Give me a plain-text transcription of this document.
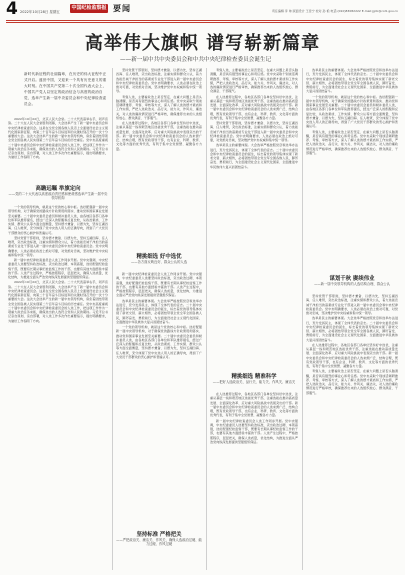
4 2022年10月28日 星期五
中国纪检监察报 要闻	责任编辑 李 帅 版面设计 王佳宁 校对 孙 艳 电话:(010)83082222 E-mail:jjjcb@ccdi.gov.cn
高举伟大旗帜 谱写崭新篇章
——新一届中共中央委员会和中共中央纪律检查委员会诞生记
新时代新征程的壮丽篇章，在历史的伟大征程中正式开启。盛世中国，又迎来一个具有历史意义的重大时刻。在中国共产党第二十次全国代表大会上，中国共产党人以坚定的政治信念与高度的政治自觉，选举产生新一届中央委员会和中央纪律检查委员会。
高瞻远瞩 举旗定向
——党的二十大代表以高度政治责任感和使命感选举产生新一届中央领导机构

2022年10月22日，北京人民大会堂。二十大代表高举右手，同声宣誓。二十大在人民大会堂胜利闭幕，大会选举产生了新一届中央委员会和中央纪律检查委员会。这是在全党全国各族人民迈上全面建设社会主义现代化国家新征程、向第二个百年奋斗目标进军的关键时刻召开的一次十分重要的大会。这次大会选举产生的新一届中央领导机构，肩负着团结带领全党全国各族人民实现第二个百年奋斗目标的历史重任。党中央高度重视二十届中央委员会和中央纪律检查委员会的人选工作，把这项工作作为一项重大政治任务来抓，确保选出的人选符合党和人民的期待。习近平总书记亲自谋划、亲自部署，对人选工作多次作出重要指示，提出明确要求，为做好工作指明了方向。

一个党的领导机构，就是这个党的核心和中枢。选好配强新一届中央领导机构，对于确保党的路线方针政策贯彻落实、推动党和国家事业发展至关重要。二十届中央委员会委员和候补委员人选，由各地区各部门各单位和军队推荐提名，经过广泛深入的酝酿和反复比较，从政治素质、工作实绩、群众公认等方面全面衡量，坚持德才兼备、以德为先，坚持五湖四海、任人唯贤，充分体现了党中央选人用人的正确导向，得到了广大党员干部群众的衷心拥护和普遍认可。

坚持党管干部原则，坚持德才兼备、以德为先，坚持五湖四海、任人唯贤，突出政治标准，注重实绩和群众公认，着力选拔忠诚干净担当的高素质专业化干部进入新一届中央委员会和中央纪律检查委员会。党中央明确要求，人选必须在政治上绝对可靠，对党绝对忠诚，坚决维护党中央权威和集中统一领导。

新一届中央纪律检查委员会人选工作同步开展。党中央强调，中央纪委委员人选要坚持政治标准，突出政治过硬、本领高强，选好配强纪检监察干部，既要有长期从事纪检监察工作的干部，也要有其他方面经验丰富的干部。人选产生过程中，严格按照程序，层层把关，确保人选质量，优化结构，为推进全面从严治党向纵深发展提供坚强组织保证。

2022年10月22日，北京人民大会堂。二十大代表高举右手，同声宣誓。二十大在人民大会堂胜利闭幕，大会选举产生了新一届中央委员会和中央纪律检查委员会。这是在全党全国各族人民迈上全面建设社会主义现代化国家新征程、向第二个百年奋斗目标进军的关键时刻召开的一次十分重要的大会。这次大会选举产生的新一届中央领导机构，肩负着团结带领全党全国各族人民实现第二个百年奋斗目标的历史重任。党中央高度重视二十届中央委员会和中央纪律检查委员会的人选工作，把这项工作作为一项重大政治任务来抓，确保选出的人选符合党和人民的期待。习近平总书记亲自谋划、亲自部署，对人选工作多次作出重要指示，提出明确要求，为做好工作指明了方向。

坚持党管干部原则，坚持德才兼备、以德为先，坚持五湖四海、任人唯贤，突出政治标准，注重实绩和群众公认，着力选拔忠诚干净担当的高素质专业化干部进入新一届中央委员会和中央纪律检查委员会。党中央明确要求，人选必须在政治上绝对可靠，对党绝对忠诚，坚决维护党中央权威和集中统一领导。

考察人选，主要看政治上是否坚定、在重大问题上是否头脑清醒，是否具有强烈的事业心和责任感。党中央采取个别谈话调研推荐、考察、审核等方式，深入了解人选的德才素质和工作实绩，严把人选政治关、品行关、能力关、作风关、廉洁关，对人选的廉政情况进行严格审核，确保推荐出来的人选组织放心、群众满意、干部服气。

在人选推荐过程中，各地区各部门各单位坚持好中选优，注重从基层一线和艰苦地区选拔优秀干部，注重选拔在推动高质量发展、全面深化改革、应对重大风险挑战中表现突出的干部。新一届中央委员会和中央纪律检查委员会的人选来源广泛、结构合理，既有党政领导干部，也有企业、科研、教育、文化等方面的优秀代表，有利于集中全党智慧、凝聚各方力量。

精挑细选 好中选优
——各方面反映良好、群众公认的人选

新一届中央纪律检查委员会人选工作同步开展。党中央强调，中央纪委委员人选要坚持政治标准，突出政治过硬、本领高强，选好配强纪检监察干部，既要有长期从事纪检监察工作的干部，也要有其他方面经验丰富的干部。人选产生过程中，严格按照程序，层层把关，确保人选质量，优化结构，为推进全面从严治党向纵深发展提供坚强组织保证。

选举是民主的重要体现。大会选举严格按照党章和选举办法进行，充分发扬民主，体现了全体代表的意志。二十届中央委员会和中央纪律检查委员会的诞生，标志着党的领导集体实现了新老交替、薪火相传，必将团结带领全党全军全国各族人民，踔厉奋发、勇毅前行，为全面建设社会主义现代化国家、全面推进中华民族伟大复兴而团结奋斗。

一个党的领导机构，就是这个党的核心和中枢。选好配强新一届中央领导机构，对于确保党的路线方针政策贯彻落实、推动党和国家事业发展至关重要。二十届中央委员会委员和候补委员人选，由各地区各部门各单位和军队推荐提名，经过广泛深入的酝酿和反复比较，从政治素质、工作实绩、群众公认等方面全面衡量，坚持德才兼备、以德为先，坚持五湖四海、任人唯贤，充分体现了党中央选人用人的正确导向，得到了广大党员干部群众的衷心拥护和普遍认可。

坚持标准 严格把关
——严把政治关、廉洁关、作风关，确保人选政治过硬、能力过硬、作风过硬

考察人选，主要看政治上是否坚定、在重大问题上是否头脑清醒，是否具有强烈的事业心和责任感。党中央采取个别谈话调研推荐、考察、审核等方式，深入了解人选的德才素质和工作实绩，严把人选政治关、品行关、能力关、作风关、廉洁关，对人选的廉政情况进行严格审核，确保推荐出来的人选组织放心、群众满意、干部服气。

在人选推荐过程中，各地区各部门各单位坚持好中选优，注重从基层一线和艰苦地区选拔优秀干部，注重选拔在推动高质量发展、全面深化改革、应对重大风险挑战中表现突出的干部。新一届中央委员会和中央纪律检查委员会的人选来源广泛、结构合理，既有党政领导干部，也有企业、科研、教育、文化等方面的优秀代表，有利于集中全党智慧、凝聚各方力量。

坚持党管干部原则，坚持德才兼备、以德为先，坚持五湖四海、任人唯贤，突出政治标准，注重实绩和群众公认，着力选拔忠诚干净担当的高素质专业化干部进入新一届中央委员会和中央纪律检查委员会。党中央明确要求，人选必须在政治上绝对可靠，对党绝对忠诚，坚决维护党中央权威和集中统一领导。

选举是民主的重要体现。大会选举严格按照党章和选举办法进行，充分发扬民主，体现了全体代表的意志。二十届中央委员会和中央纪律检查委员会的诞生，标志着党的领导集体实现了新老交替、薪火相传，必将团结带领全党全军全国各族人民，踔厉奋发、勇毅前行，为全面建设社会主义现代化国家、全面推进中华民族伟大复兴而团结奋斗。

精挑细选 精准科学
——把好人选政治关、品行关、能力关、作风关、廉洁关

在人选推荐过程中，各地区各部门各单位坚持好中选优，注重从基层一线和艰苦地区选拔优秀干部，注重选拔在推动高质量发展、全面深化改革、应对重大风险挑战中表现突出的干部。新一届中央委员会和中央纪律检查委员会的人选来源广泛、结构合理，既有党政领导干部，也有企业、科研、教育、文化等方面的优秀代表，有利于集中全党智慧、凝聚各方力量。

新一届中央纪律检查委员会人选工作同步开展。党中央强调，中央纪委委员人选要坚持政治标准，突出政治过硬、本领高强，选好配强纪检监察干部，既要有长期从事纪检监察工作的干部，也要有其他方面经验丰富的干部。人选产生过程中，严格按照程序，层层把关，确保人选质量，优化结构，为推进全面从严治党向纵深发展提供坚强组织保证。

选举是民主的重要体现。大会选举严格按照党章和选举办法进行，充分发扬民主，体现了全体代表的意志。二十届中央委员会和中央纪律检查委员会的诞生，标志着党的领导集体实现了新老交替、薪火相传，必将团结带领全党全军全国各族人民，踔厉奋发、勇毅前行，为全面建设社会主义现代化国家、全面推进中华民族伟大复兴而团结奋斗。

一个党的领导机构，就是这个党的核心和中枢。选好配强新一届中央领导机构，对于确保党的路线方针政策贯彻落实、推动党和国家事业发展至关重要。二十届中央委员会委员和候补委员人选，由各地区各部门各单位和军队推荐提名，经过广泛深入的酝酿和反复比较，从政治素质、工作实绩、群众公认等方面全面衡量，坚持德才兼备、以德为先，坚持五湖四海、任人唯贤，充分体现了党中央选人用人的正确导向，得到了广大党员干部群众的衷心拥护和普遍认可。

考察人选，主要看政治上是否坚定、在重大问题上是否头脑清醒，是否具有强烈的事业心和责任感。党中央采取个别谈话调研推荐、考察、审核等方式，深入了解人选的德才素质和工作实绩，严把人选政治关、品行关、能力关、作风关、廉洁关，对人选的廉政情况进行严格审核，确保推荐出来的人选组织放心、群众满意、干部服气。

谋划千秋 赓续伟业
——新一届中央领导机构的人选结构合理、群众公认

坚持党管干部原则，坚持德才兼备、以德为先，坚持五湖四海、任人唯贤，突出政治标准，注重实绩和群众公认，着力选拔忠诚干净担当的高素质专业化干部进入新一届中央委员会和中央纪律检查委员会。党中央明确要求，人选必须在政治上绝对可靠，对党绝对忠诚，坚决维护党中央权威和集中统一领导。

选举是民主的重要体现。大会选举严格按照党章和选举办法进行，充分发扬民主，体现了全体代表的意志。二十届中央委员会和中央纪律检查委员会的诞生，标志着党的领导集体实现了新老交替、薪火相传，必将团结带领全党全军全国各族人民，踔厉奋发、勇毅前行，为全面建设社会主义现代化国家、全面推进中华民族伟大复兴而团结奋斗。

在人选推荐过程中，各地区各部门各单位坚持好中选优，注重从基层一线和艰苦地区选拔优秀干部，注重选拔在推动高质量发展、全面深化改革、应对重大风险挑战中表现突出的干部。新一届中央委员会和中央纪律检查委员会的人选来源广泛、结构合理，既有党政领导干部，也有企业、科研、教育、文化等方面的优秀代表，有利于集中全党智慧、凝聚各方力量。

考察人选，主要看政治上是否坚定、在重大问题上是否头脑清醒，是否具有强烈的事业心和责任感。党中央采取个别谈话调研推荐、考察、审核等方式，深入了解人选的德才素质和工作实绩，严把人选政治关、品行关、能力关、作风关、廉洁关，对人选的廉政情况进行严格审核，确保推荐出来的人选组织放心、群众满意、干部服气。
